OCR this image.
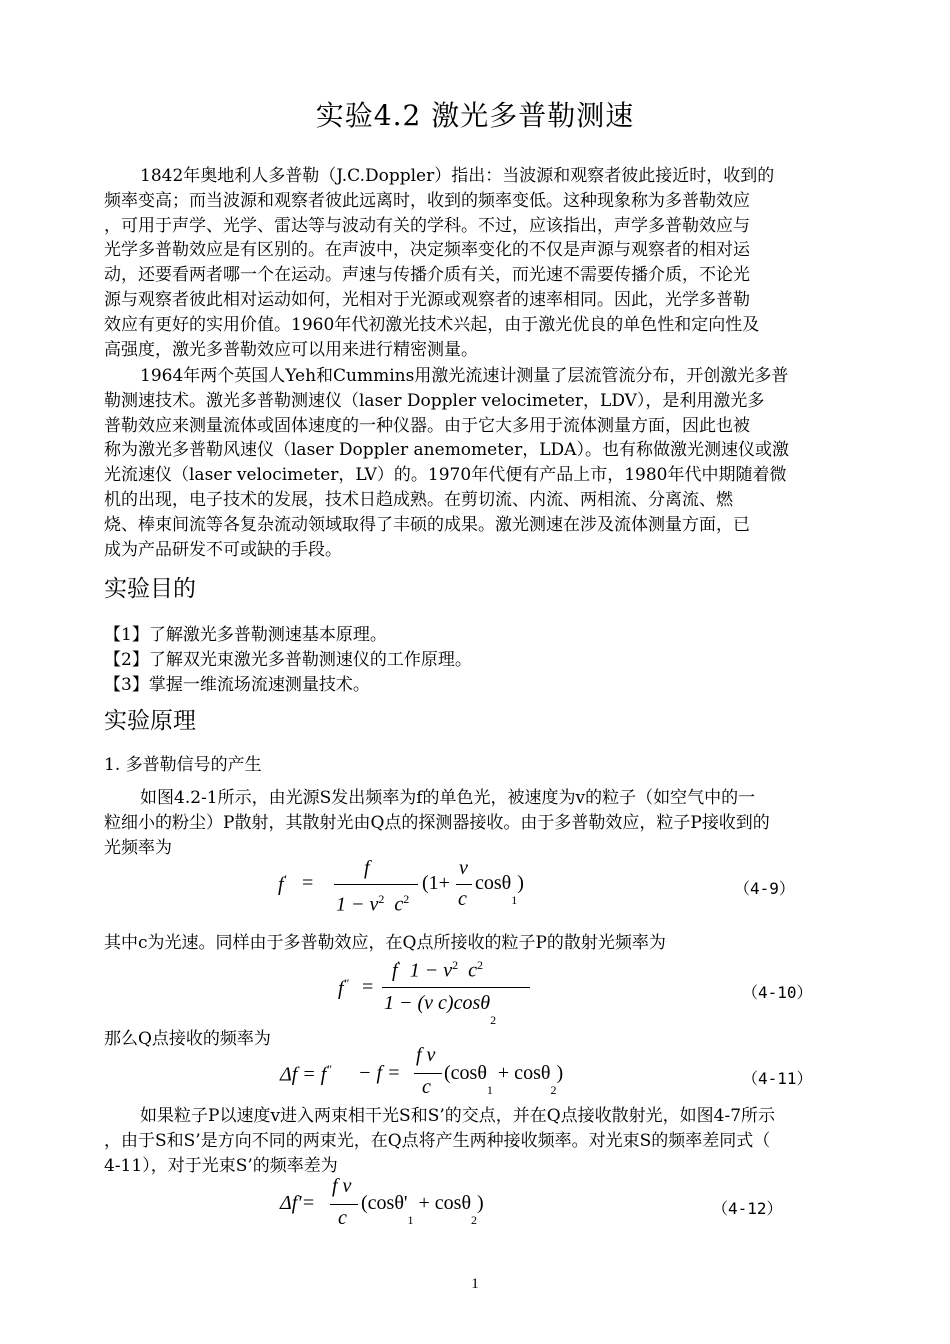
实验4.2 激光多普勒测速
1842年奥地利人多普勒（J.C.Doppler）指出：当波源和观察者彼此接近时，收到的
频率变高；而当波源和观察者彼此远离时，收到的频率变低。这种现象称为多普勒效应
，可用于声学、光学、雷达等与波动有关的学科。不过，应该指出，声学多普勒效应与
光学多普勒效应是有区别的。在声波中，决定频率变化的不仅是声源与观察者的相对运
动，还要看两者哪一个在运动。声速与传播介质有关，而光速不需要传播介质，不论光
源与观察者彼此相对运动如何，光相对于光源或观察者的速率相同。因此，光学多普勒
效应有更好的实用价值。1960年代初激光技术兴起，由于激光优良的单色性和定向性及
高强度，激光多普勒效应可以用来进行精密测量。
1964年两个英国人Yeh和Cummins用激光流速计测量了层流管流分布，开创激光多普
勒测速技术。激光多普勒测速仪（laser Doppler velocimeter，LDV），是利用激光多
普勒效应来测量流体或固体速度的一种仪器。由于它大多用于流体测量方面，因此也被
称为激光多普勒风速仪（laser Doppler anemometer，LDA）。也有称做激光测速仪或激
光流速仪（laser velocimeter，LV）的。1970年代便有产品上市，1980年代中期随着微
机的出现，电子技术的发展，技术日趋成熟。在剪切流、内流、两相流、分离流、燃
烧、棒束间流等各复杂流动领域取得了丰硕的成果。激光测速在涉及流体测量方面，已
成为产品研发不可或缺的手段。
实验目的
【1】了解激光多普勒测速基本原理。
【2】了解双光束激光多普勒测速仪的工作原理。
【3】掌握一维流场流速测量技术。
实验原理
1. 多普勒信号的产生
如图4.2-1所示，由光源S发出频率为f的单色光，被速度为v的粒子（如空气中的一
粒细小的粉尘）P散射，其散射光由Q点的探测器接收。由于多普勒效应，粒子P接收到的
光频率为
f' =
f
$1 - v^2$ $c^2$
(1+
v
c
cosθ$_1$)	（4-9）
其中c为光速。同样由于多普勒效应，在Q点所接收的粒子P的散射光频率为
f" =
f' $1 - v^2$ $c^2$
1 − (v c)cosθ$_2$
（4-10）
那么Q点接收的频率为
Δf = f" − f =
f v
c
(cosθ$_1$ + cosθ$_2$)	（4-11）
如果粒子P以速度v进入两束相干光S和S’的交点，并在Q点接收散射光，如图4-7所示
，由于S和S’是方向不同的两束光，在Q点将产生两种接收频率。对光束S的频率差同式（
4-11），对于光束S’的频率差为
Δf'=
f v
c
$(\cos\theta'_1 + \cos\theta_2)$	（4-12）
1
